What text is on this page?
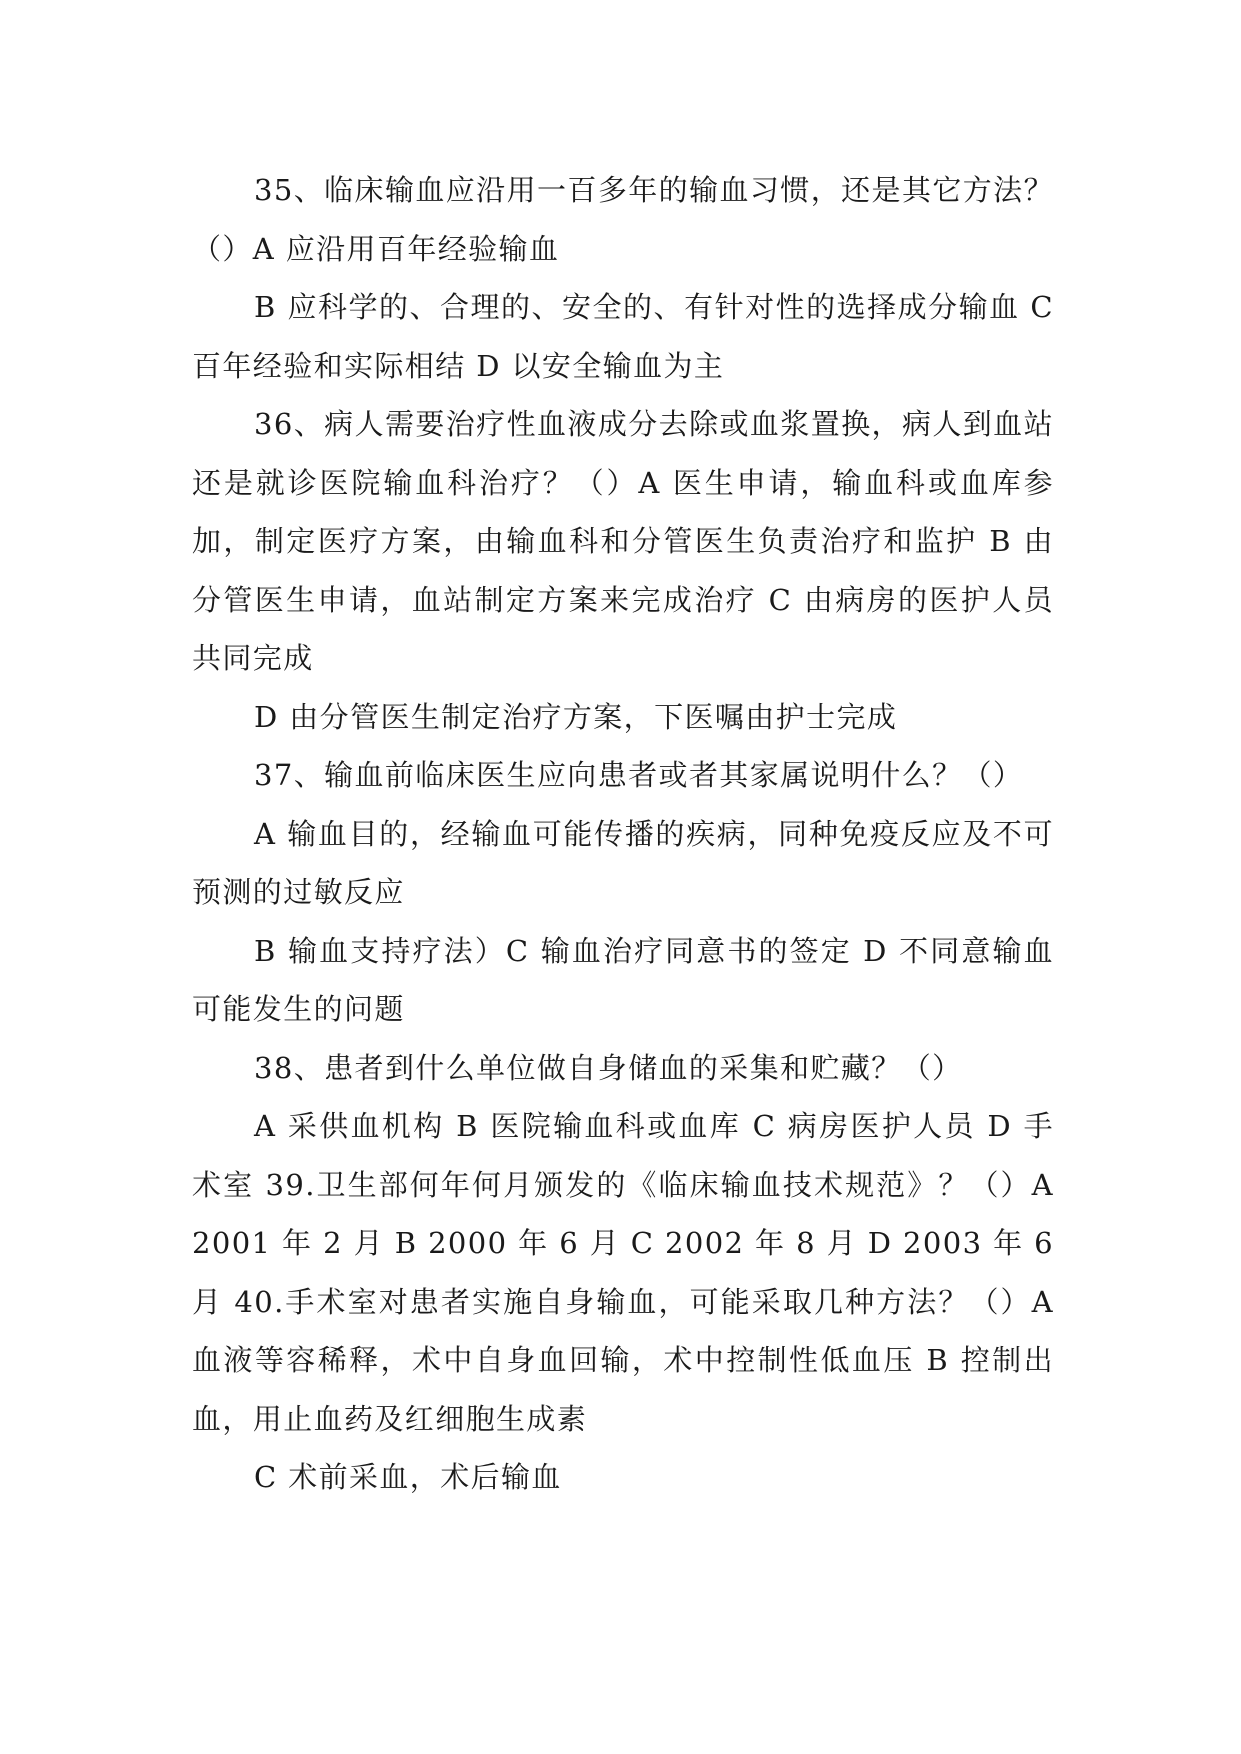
35、临床输血应沿用一百多年的输血习惯，还是其它方法？（）A 应沿用百年经验输血

B 应科学的、合理的、安全的、有针对性的选择成分输血 C 百年经验和实际相结 D 以安全输血为主

36、病人需要治疗性血液成分去除或血浆置换，病人到血站还是就诊医院输血科治疗？（）A 医生申请，输血科或血库参加，制定医疗方案，由输血科和分管医生负责治疗和监护 B 由分管医生申请，血站制定方案来完成治疗 C 由病房的医护人员共同完成

D 由分管医生制定治疗方案，下医嘱由护士完成

37、输血前临床医生应向患者或者其家属说明什么？（）

A 输血目的，经输血可能传播的疾病，同种免疫反应及不可预测的过敏反应

B 输血支持疗法）C 输血治疗同意书的签定 D 不同意输血可能发生的问题

38、患者到什么单位做自身储血的采集和贮藏？（）

A 采供血机构 B 医院输血科或血库 C 病房医护人员 D 手术室 39.卫生部何年何月颁发的《临床输血技术规范》？（）A 2001 年 2 月 B 2000 年 6 月 C 2002 年 8 月 D 2003 年 6 月 40.手术室对患者实施自身输血，可能采取几种方法？（）A 血液等容稀释，术中自身血回输，术中控制性低血压 B 控制出血，用止血药及红细胞生成素

C 术前采血，术后输血
